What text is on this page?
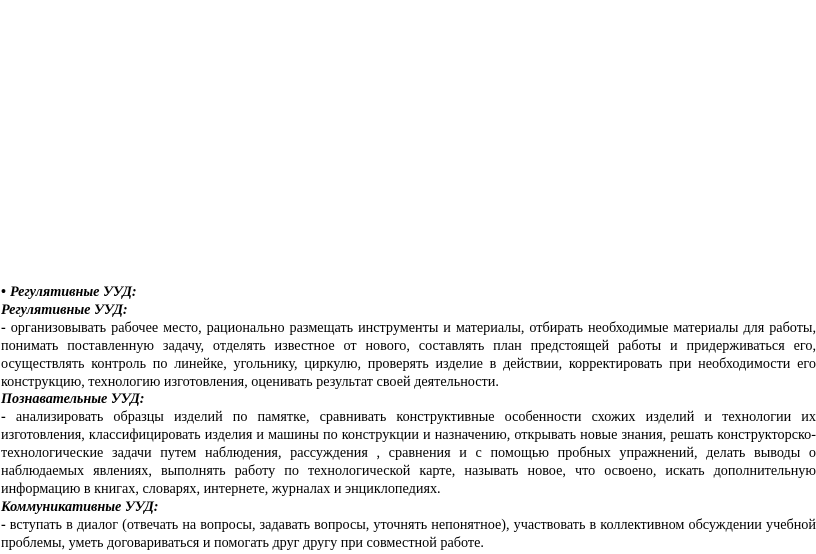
• Регулятивные УУД:
Регулятивные УУД:
- организовывать рабочее место, рационально размещать инструменты и материалы, отбирать необходимые материалы для работы, понимать поставленную задачу, отделять известное от нового, составлять план предстоящей работы и придерживаться его, осуществлять контроль по линейке, угольнику, циркулю, проверять изделие в действии, корректировать при необходимости его конструкцию, технологию изготовления, оценивать результат своей деятельности.
Познавательные УУД:
- анализировать образцы изделий по памятке, сравнивать конструктивные особенности схожих изделий и технологии их изготовления, классифицировать изделия и машины по конструкции и назначению, открывать новые знания, решать конструкторско-технологические задачи путем наблюдения, рассуждения , сравнения и с помощью пробных упражнений, делать выводы о наблюдаемых явлениях, выполнять работу по технологической карте, называть новое, что освоено, искать дополнительную информацию в книгах, словарях, интернете, журналах и энциклопедиях.
Коммуникативные УУД:
- вступать в диалог (отвечать на вопросы, задавать вопросы, уточнять непонятное), участвовать в коллективном обсуждении учебной проблемы, уметь договариваться и помогать друг другу при совместной работе.
